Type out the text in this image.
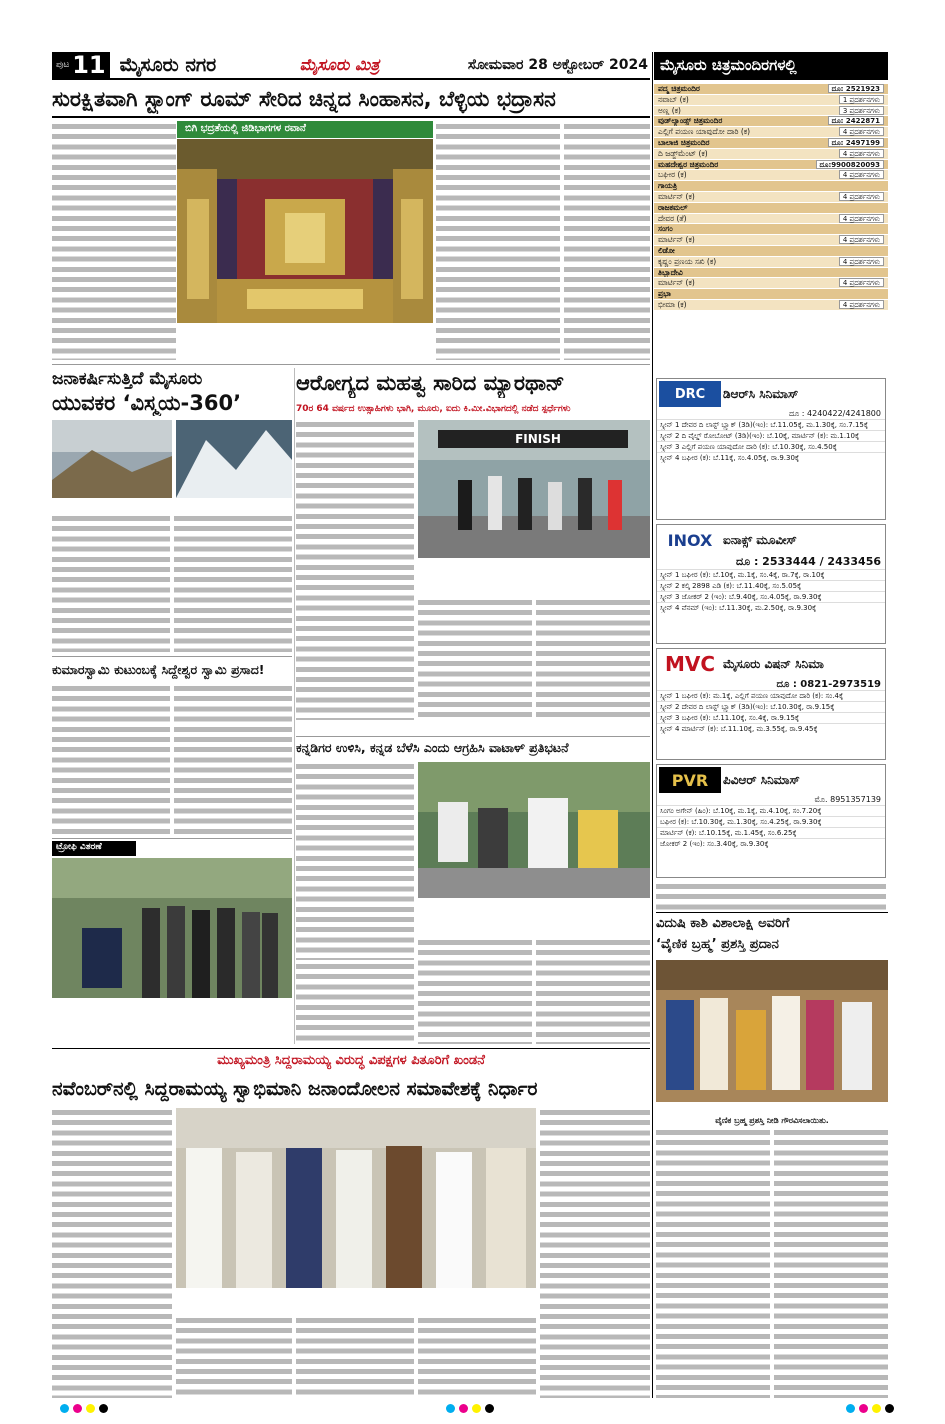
ಪುಟ 11 ಮೈಸೂರು ನಗರ	ಮೈಸೂರು ಮಿತ್ರ	ಸೋಮವಾರ 28 ಅಕ್ಟೋಬರ್ 2024
ಸುರಕ್ಷಿತವಾಗಿ ಸ್ಟ್ರಾಂಗ್ ರೂಮ್ ಸೇರಿದ ಚಿನ್ನದ ಸಿಂಹಾಸನ, ಬೆಳ್ಳಿಯ ಭದ್ರಾಸನ
ಬಿಗಿ ಭದ್ರತೆಯಲ್ಲಿ ಜಿಡಿಭಾಗಗಳ ರವಾನೆ
ಜನಾಕರ್ಷಿಸುತ್ತಿದೆ ಮೈಸೂರು
ಯುವಕರ ‘ವಿಸ್ಮಯ-360’
ಕುಮಾರಸ್ವಾಮಿ ಕುಟುಂಬಕ್ಕೆ ಸಿದ್ದೇಶ್ವರ ಸ್ವಾಮಿ ಪ್ರಸಾದ!
ಟ್ರೋಫಿ ವಿತರಣೆ
ಆರೋಗ್ಯದ ಮಹತ್ವ ಸಾರಿದ ಮ್ಯಾರಥಾನ್
70ರ 64 ವರ್ಷದ ಉತ್ಸಾಹಿಗಳು ಭಾಗಿ, ಮೂರು, ಐದು ಕಿ.ಮೀ.ವಿಭಾಗದಲ್ಲಿ ನಡೆದ ಸ್ಪರ್ಧೆಗಳು
FINISH
ಕನ್ನಡಿಗರ ಉಳಿಸಿ, ಕನ್ನಡ ಬೆಳೆಸಿ ಎಂದು ಆಗ್ರಹಿಸಿ ವಾಟಾಳ್ ಪ್ರತಿಭಟನೆ
ಮುಖ್ಯಮಂತ್ರಿ ಸಿದ್ದರಾಮಯ್ಯ ವಿರುದ್ಧ ವಿಪಕ್ಷಗಳ ಪಿತೂರಿಗೆ ಖಂಡನೆ
ನವೆಂಬರ್‌ನಲ್ಲಿ ಸಿದ್ದರಾಮಯ್ಯ ಸ್ವಾಭಿಮಾನಿ ಜನಾಂದೋಲನ ಸಮಾವೇಶಕ್ಕೆ ನಿರ್ಧಾರ
ಮೈಸೂರು ಚಿತ್ರಮಂದಿರಗಳಲ್ಲಿ
ಪದ್ಮ ಚಿತ್ರಮಂದಿರ	ದೂ: 2521923
ನವಾಬ್ (ಕ)	1 ಪ್ರದರ್ಶನಗಳು
ಅಣ್ಣ (ಕ)	3 ಪ್ರದರ್ಶನಗಳು
ವುಡ್‌ಲ್ಯಾಂಡ್ಸ್ ಚಿತ್ರಮಂದಿರ	ದೂ: 2422871
ಎಲ್ಲಿಗೆ ಪಯಣ ಯಾವುದೋ ದಾರಿ (ಕ)	4 ಪ್ರದರ್ಶನಗಳು
ಬಾಲಾಜಿ ಚಿತ್ರಮಂದಿರ	ದೂ: 2497199
ದಿ ಜಡ್ಜ್‌ಮೆಂಟ್ (ಕ)	4 ಪ್ರದರ್ಶನಗಳು
ಮಹದೇಶ್ವರ ಚಿತ್ರಮಂದಿರ	ದೂ:9900820093
ಬಘೀರ (ಕ)	4 ಪ್ರದರ್ಶನಗಳು
ಗಾಯತ್ರಿ
ಮಾರ್ಟಿನ್ (ಕ)	4 ಪ್ರದರ್ಶನಗಳು
ರಾಜಕಮಲ್
ದೇವರ (ತೆ)	4 ಪ್ರದರ್ಶನಗಳು
ಸಂಗಂ
ಮಾರ್ಟಿನ್ (ಕ)	4 ಪ್ರದರ್ಶನಗಳು
ಲಿಡೋ
ಕೃಷ್ಣಂ ಪ್ರಣಯ ಸಖಿ (ಕ)	4 ಪ್ರದರ್ಶನಗಳು
ತಿಬ್ಬಾದೇವಿ
ಮಾರ್ಟಿನ್ (ಕ)	4 ಪ್ರದರ್ಶನಗಳು
ಪ್ರಭಾ
ಭೀಮಾ (ಕ)	4 ಪ್ರದರ್ಶನಗಳು
DRC	ಡಿಆರ್‌ಸಿ ಸಿನಿಮಾಸ್
ದೂ : 4240422/4241800
ಸ್ಕ್ರೀನ್ 1 ದೇವರ ದಿ ಲಾಸ್ಟ್ ಬ್ಲ್ಯಾಕ್ (3ಡಿ)(ಇಂ): ಬೆ.11.05ಕ್ಕೆ, ಮ.1.30ಕ್ಕೆ, ಸಂ.7.15ಕ್ಕೆ
ಸ್ಕ್ರೀನ್ 2 ದಿ ವೈಲ್ಡ್ ರೋಬೋಟ್ (3ಡಿ)(ಇಂ): ಬೆ.10ಕ್ಕೆ, ಮಾರ್ಟಿನ್ (ಕ): ಮ.1.10ಕ್ಕೆ
ಸ್ಕ್ರೀನ್ 3 ಎಲ್ಲಿಗೆ ಪಯಣ ಯಾವುದೋ ದಾರಿ (ಕ): ಬೆ.10.30ಕ್ಕೆ, ಸಂ.4.50ಕ್ಕೆ
ಸ್ಕ್ರೀನ್ 4 ಬಘೀರ (ಕ): ಬೆ.11ಕ್ಕೆ, ಸಂ.4.05ಕ್ಕೆ, ರಾ.9.30ಕ್ಕೆ
INOX ಐನಾಕ್ಸ್ ಮೂವೀಸ್
ದೂ : 2533444 / 2433456
ಸ್ಕ್ರೀನ್ 1 ಬಘೀರ (ಕ): ಬೆ.10ಕ್ಕೆ, ಮ.1ಕ್ಕೆ, ಸಂ.4ಕ್ಕೆ, ರಾ.7ಕ್ಕೆ, ರಾ.10ಕ್ಕೆ
ಸ್ಕ್ರೀನ್ 2 ಕಲ್ಕಿ 2898 ಎಡಿ (ಕ): ಬೆ.11.40ಕ್ಕೆ, ಸಂ.5.05ಕ್ಕೆ
ಸ್ಕ್ರೀನ್ 3 ಜೋಕರ್ 2 (ಇಂ): ಬೆ.9.40ಕ್ಕೆ, ಸಂ.4.05ಕ್ಕೆ, ರಾ.9.30ಕ್ಕೆ
ಸ್ಕ್ರೀನ್ 4 ವೆನಮ್ (ಇಂ): ಬೆ.11.30ಕ್ಕೆ, ಮ.2.50ಕ್ಕೆ, ರಾ.9.30ಕ್ಕೆ
MVC ಮೈಸೂರು ವಿಷನ್ ಸಿನಿಮಾ
ದೂ : 0821-2973519
ಸ್ಕ್ರೀನ್ 1 ಬಘೀರ (ಕ): ಮ.1ಕ್ಕೆ, ಎಲ್ಲಿಗೆ ಪಯಣ ಯಾವುದೋ ದಾರಿ (ಕ): ಸಂ.4ಕ್ಕೆ
ಸ್ಕ್ರೀನ್ 2 ದೇವರ ದಿ ಲಾಸ್ಟ್ ಬ್ಲ್ಯಾಕ್ (3ಡಿ)(ಇಂ): ಬೆ.10.30ಕ್ಕೆ, ರಾ.9.15ಕ್ಕೆ
ಸ್ಕ್ರೀನ್ 3 ಬಘೀರ (ಕ): ಬೆ.11.10ಕ್ಕೆ, ಸಂ.4ಕ್ಕೆ, ರಾ.9.15ಕ್ಕೆ
ಸ್ಕ್ರೀನ್ 4 ಮಾರ್ಟಿನ್ (ಕ): ಬೆ.11.10ಕ್ಕೆ, ಮ.3.55ಕ್ಕೆ, ರಾ.9.45ಕ್ಕೆ
PVR	ಪಿವಿಆರ್ ಸಿನಿಮಾಸ್
ಮೊ. 8951357139
ಸಿಂಗಂ ಅಗೇನ್ (ಹಿಂ): ಬೆ.10ಕ್ಕೆ, ಮ.1ಕ್ಕೆ, ಮ.4.10ಕ್ಕೆ, ಸಂ.7.20ಕ್ಕೆ
ಬಘೀರ (ಕ): ಬೆ.10.30ಕ್ಕೆ, ಮ.1.30ಕ್ಕೆ, ಸಂ.4.25ಕ್ಕೆ, ರಾ.9.30ಕ್ಕೆ
ಮಾರ್ಟಿನ್ (ಕ): ಬೆ.10.15ಕ್ಕೆ, ಮ.1.45ಕ್ಕೆ, ಸಂ.6.25ಕ್ಕೆ
ಜೋಕರ್ 2 (ಇಂ): ಸಂ.3.40ಕ್ಕೆ, ರಾ.9.30ಕ್ಕೆ
ವಿದುಷಿ ಕಾಶಿ ವಿಶಾಲಾಕ್ಷಿ ಅವರಿಗೆ
‘ವೈಣಿಕ ಬ್ರಹ್ಮ’ ಪ್ರಶಸ್ತಿ ಪ್ರದಾನ
ವೈಣಿಕ ಬ್ರಹ್ಮ ಪ್ರಶಸ್ತಿ ನೀಡಿ ಗೌರವಿಸಲಾಯಿತು.
